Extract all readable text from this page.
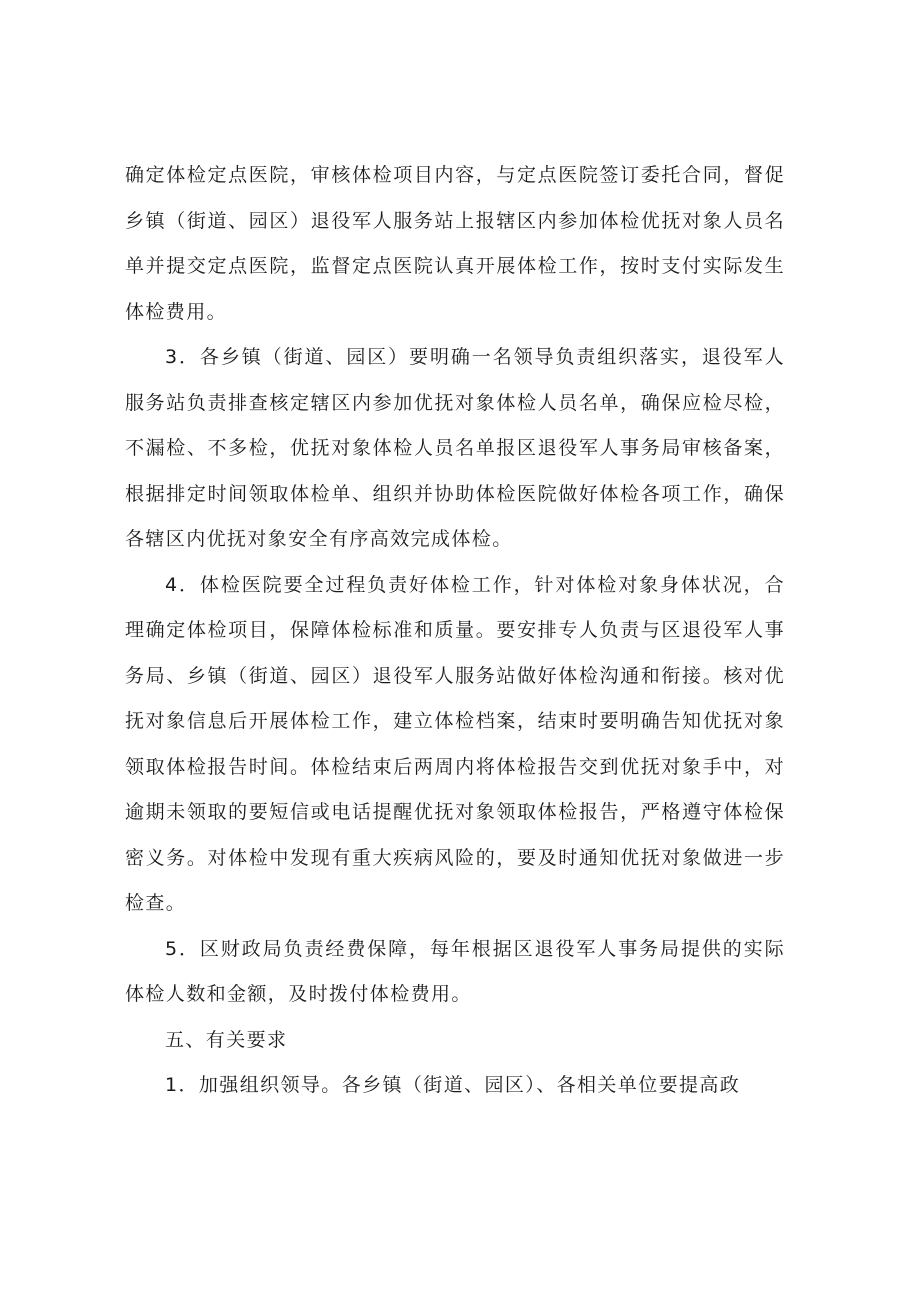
确定体检定点医院，审核体检项目内容，与定点医院签订委托合同，督促乡镇（街道、园区）退役军人服务站上报辖区内参加体检优抚对象人员名单并提交定点医院，监督定点医院认真开展体检工作，按时支付实际发生体检费用。

3．各乡镇（街道、园区）要明确一名领导负责组织落实，退役军人服务站负责排查核定辖区内参加优抚对象体检人员名单，确保应检尽检，不漏检、不多检，优抚对象体检人员名单报区退役军人事务局审核备案，根据排定时间领取体检单、组织并协助体检医院做好体检各项工作，确保各辖区内优抚对象安全有序高效完成体检。

4．体检医院要全过程负责好体检工作，针对体检对象身体状况，合理确定体检项目，保障体检标准和质量。要安排专人负责与区退役军人事务局、乡镇（街道、园区）退役军人服务站做好体检沟通和衔接。核对优抚对象信息后开展体检工作，建立体检档案，结束时要明确告知优抚对象领取体检报告时间。体检结束后两周内将体检报告交到优抚对象手中，对逾期未领取的要短信或电话提醒优抚对象领取体检报告，严格遵守体检保密义务。对体检中发现有重大疾病风险的，要及时通知优抚对象做进一步检查。

5．区财政局负责经费保障，每年根据区退役军人事务局提供的实际体检人数和金额，及时拨付体检费用。

五、有关要求

1．加强组织领导。各乡镇（街道、园区）、各相关单位要提高政
